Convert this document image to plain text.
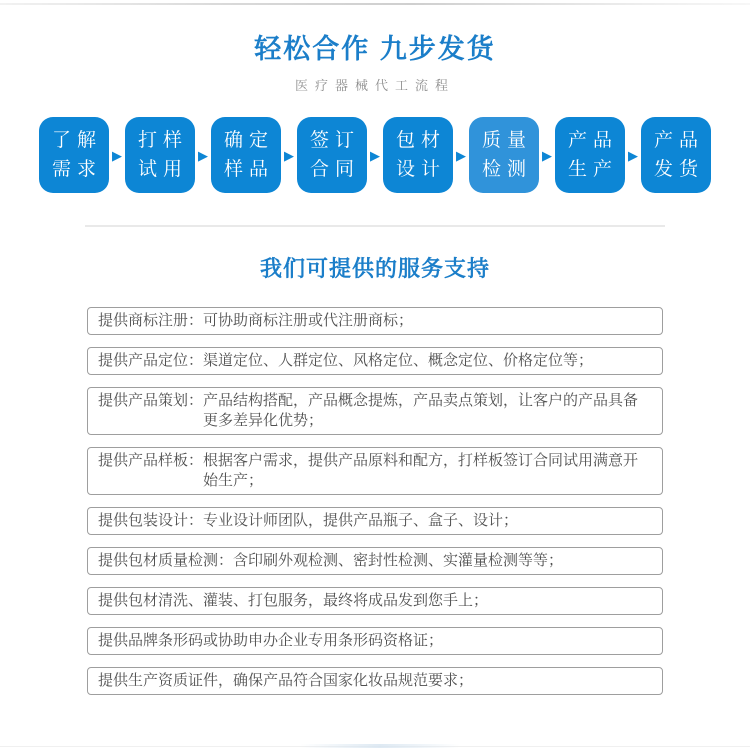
轻松合作 九步发货
医疗器械代工流程
了解
需求
▶
打样
试用
▶
确定
样品
▶
签订
合同
▶
包材
设计
▶
质量
检测
▶
产品
生产
▶
产品
发货
我们可提供的服务支持
提供商标注册： 可协助商标注册或代注册商标；
提供产品定位： 渠道定位、人群定位、风格定位、概念定位、价格定位等；
提供产品策划： 产品结构搭配，产品概念提炼，产品卖点策划，让客户的产品具备更多差异化优势；
提供产品样板： 根据客户需求，提供产品原料和配方，打样板签订合同试用满意开始生产；
提供包装设计： 专业设计师团队，提供产品瓶子、盒子、设计；
提供包材质量检测： 含印刷外观检测、密封性检测、实灌量检测等等；
提供包材清洗、灌装、打包服务，最终将成品发到您手上；
提供品牌条形码或协助申办企业专用条形码资格证；
提供生产资质证件，确保产品符合国家化妆品规范要求；
